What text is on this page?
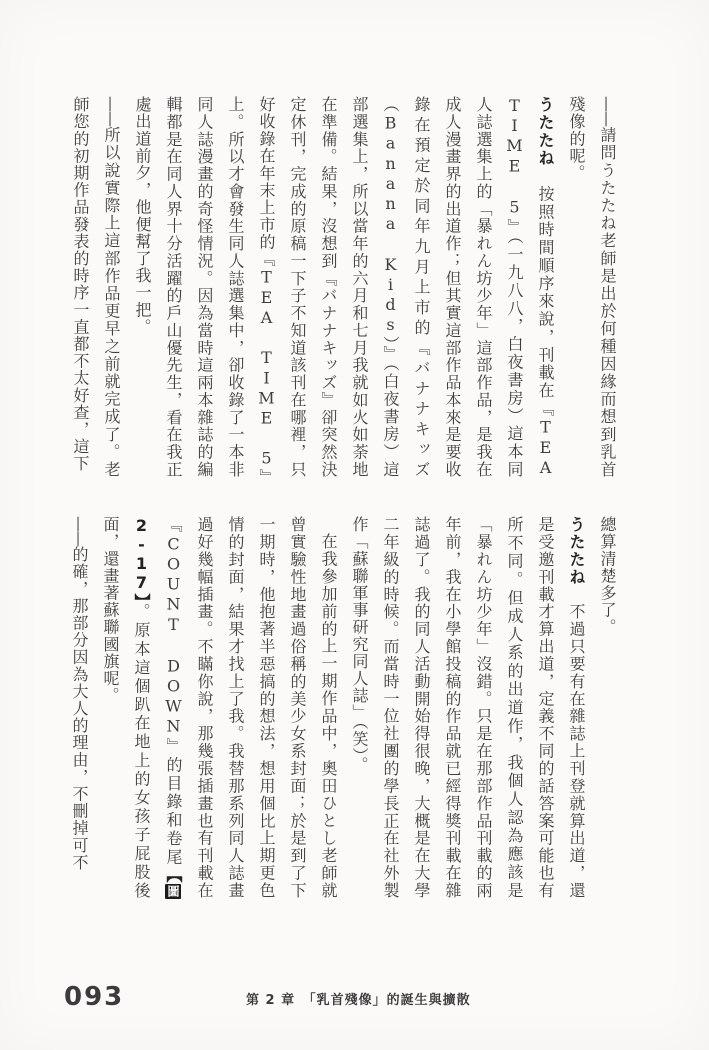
——請問うたたね老師是出於何種因緣而想到乳首殘像的呢。

うたたね　按照時間順序來說，刊載在『TEA TIME 5』（一九八八，白夜書房）這本同人誌選集上的「暴れん坊少年」這部作品，是我在成人漫畫界的出道作；但其實這部作品本來是要收錄在預定於同年九月上市的『バナナキッズ（Banana Kids）』（白夜書房）這部選集上，所以當年的六月和七月我就如火如荼地在準備。結果，沒想到『バナナキッズ』卻突然決定休刊，完成的原稿一下子不知道該刊在哪裡，只好收錄在年末上市的『TEA TIME 5』上。所以才會發生同人誌選集中，卻收錄了一本非同人誌漫畫的奇怪情況。因為當時這兩本雜誌的編輯都是在同人界十分活躍的戶山優先生，看在我正處出道前夕，他便幫了我一把。

——所以說實際上這部作品更早之前就完成了。老師您的初期作品發表的時序一直都不太好查，這下

總算清楚多了。

うたたね　不過只要有在雜誌上刊登就算出道，還是受邀刊載才算出道，定義不同的話答案可能也有所不同。但成人系的出道作，我個人認為應該是「暴れん坊少年」沒錯。只是在那部作品刊載的兩年前，我在小學館投稿的作品就已經得獎刊載在雜誌過了。我的同人活動開始得很晚，大概是在大學二年級的時候。而當時一位社團的學長正在社外製作「蘇聯軍事研究同人誌」（笑）。

在我參加前的上一期作品中，奧田ひとし老師就曾實驗性地畫過俗稱的美少女系封面；於是到了下一期時，他抱著半惡搞的想法，想用個比上期更色情的封面，結果才找上了我。我替那系列同人誌畫過好幾幅插畫。不瞞你說，那幾張插畫也有刊載在『COUNT DOWN』的目錄和卷尾【圖2-17】。原本這個趴在地上的女孩子屁股後面，還畫著蘇聯國旗呢。

——的確，那部分因為大人的理由，不刪掉可不

093	第 2 章　「乳首殘像」的誕生與擴散
